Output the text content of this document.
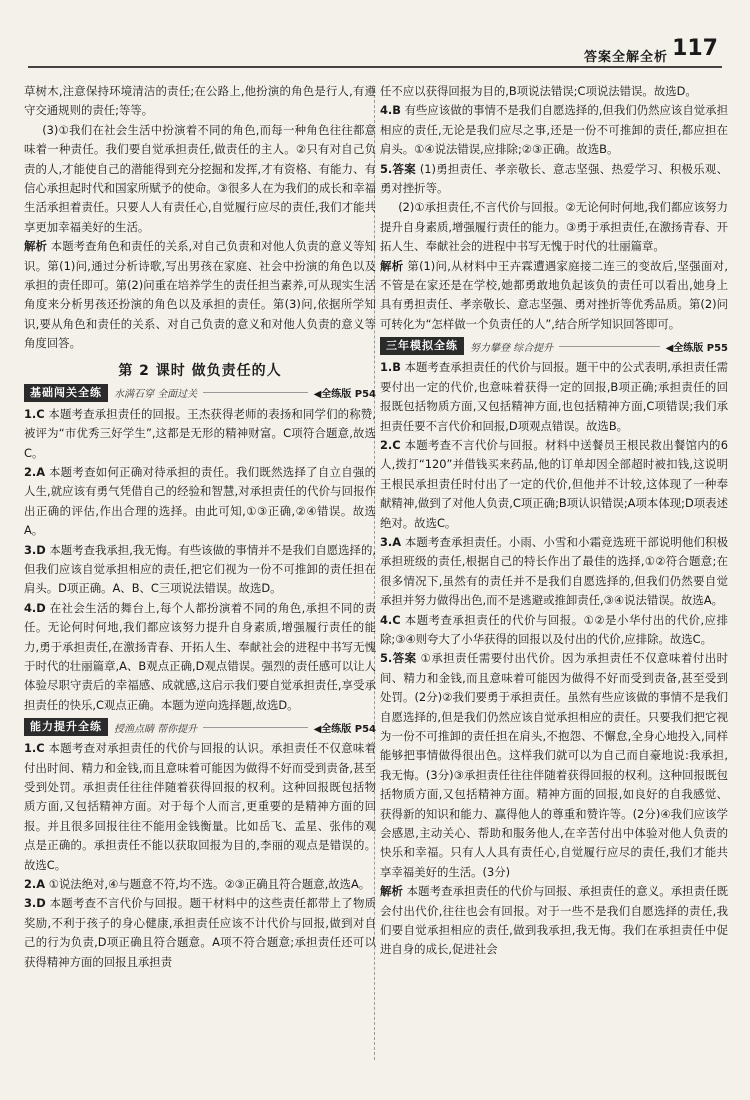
答案全解全析 117

草树木,注意保持环境清洁的责任;在公路上,他扮演的角色是行人,有遵守交通规则的责任;等等。

(3)①我们在社会生活中扮演着不同的角色,而每一种角色往往都意味着一种责任。我们要自觉承担责任,做责任的主人。②只有对自己负责的人,才能使自己的潜能得到充分挖掘和发挥,才有资格、有能力、有信心承担起时代和国家所赋予的使命。③很多人在为我们的成长和幸福生活承担着责任。只要人人有责任心,自觉履行应尽的责任,我们才能共享更加幸福美好的生活。

解析 本题考查角色和责任的关系,对自己负责和对他人负责的意义等知识。第(1)问,通过分析诗歌,写出男孩在家庭、社会中扮演的角色以及承担的责任即可。第(2)问重在培养学生的责任担当素养,可从现实生活角度来分析男孩还扮演的角色以及承担的责任。第(3)问,依据所学知识,要从角色和责任的关系、对自己负责的意义和对他人负责的意义等角度回答。

第 2 课时 做负责任的人
基础闯关全练	水满石穿 全面过关	◀全练版 P54

1.C 本题考查承担责任的回报。王杰获得老师的表扬和同学们的称赞,被评为“市优秀三好学生”,这都是无形的精神财富。C项符合题意,故选C。

2.A 本题考查如何正确对待承担的责任。我们既然选择了自立自强的人生,就应该有勇气凭借自己的经验和智慧,对承担责任的代价与回报作出正确的评估,作出合理的选择。由此可知,①③正确,②④错误。故选A。

3.D 本题考查我承担,我无悔。有些该做的事情并不是我们自愿选择的,但我们应该自觉承担相应的责任,把它们视为一份不可推卸的责任担在肩头。D项正确。A、B、C三项说法错误。故选D。

4.D 在社会生活的舞台上,每个人都扮演着不同的角色,承担不同的责任。无论何时何地,我们都应该努力提升自身素质,增强履行责任的能力,勇于承担责任,在激扬青春、开拓人生、奉献社会的进程中书写无愧于时代的壮丽篇章,A、B观点正确,D观点错误。强烈的责任感可以让人体验尽职守责后的幸福感、成就感,这启示我们要自觉承担责任,享受承担责任的快乐,C观点正确。本题为逆向选择题,故选D。

能力提升全练	授渔点睛 帮你提升	◀全练版 P54

1.C 本题考查对承担责任的代价与回报的认识。承担责任不仅意味着付出时间、精力和金钱,而且意味着可能因为做得不好而受到责备,甚至受到处罚。承担责任往往伴随着获得回报的权利。这种回报既包括物质方面,又包括精神方面。对于每个人而言,更重要的是精神方面的回报。并且很多回报往往不能用金钱衡量。比如岳飞、孟星、张伟的观点是正确的。承担责任不能以获取回报为目的,李丽的观点是错误的。故选C。

2.A ①说法绝对,④与题意不符,均不选。②③正确且符合题意,故选A。

3.D 本题考查不言代价与回报。题干材料中的这些责任都带上了物质奖励,不利于孩子的身心健康,承担责任应该不计代价与回报,做到对自己的行为负责,D项正确且符合题意。A项不符合题意;承担责任还可以获得精神方面的回报且承担责

任不应以获得回报为目的,B项说法错误;C项说法错误。故选D。

4.B 有些应该做的事情不是我们自愿选择的,但我们仍然应该自觉承担相应的责任,无论是我们应尽之事,还是一份不可推卸的责任,都应担在肩头。①④说法错误,应排除;②③正确。故选B。

5.答案 (1)勇担责任、孝亲敬长、意志坚强、热爱学习、积极乐观、勇对挫折等。

(2)①承担责任,不言代价与回报。②无论何时何地,我们都应该努力提升自身素质,增强履行责任的能力。③勇于承担责任,在激扬青春、开拓人生、奉献社会的进程中书写无愧于时代的壮丽篇章。

解析 第(1)问,从材料中王卉霖遭遇家庭接二连三的变故后,坚强面对,不管是在家还是在学校,她都勇敢地负起该负的责任可以看出,她身上具有勇担责任、孝亲敬长、意志坚强、勇对挫折等优秀品质。第(2)问可转化为“怎样做一个负责任的人”,结合所学知识回答即可。

三年模拟全练	努力攀登 综合提升	◀全练版 P55

1.B 本题考查承担责任的代价与回报。题干中的公式表明,承担责任需要付出一定的代价,也意味着获得一定的回报,B项正确;承担责任的回报既包括物质方面,又包括精神方面,也包括精神方面,C项错误;我们承担责任要不言代价和回报,D项观点错误。故选B。

2.C 本题考查不言代价与回报。材料中送餐员王根民救出餐馆内的6人,拨打“120”并借钱买来药品,他的订单却因全部超时被扣钱,这说明王根民承担责任时付出了一定的代价,但他并不计较,这体现了一种奉献精神,做到了对他人负责,C项正确;B项认识错误;A项本体现;D项表述绝对。故选C。

3.A 本题考查承担责任。小雨、小雪和小霜竞选班干部说明他们积极承担班级的责任,根据自己的特长作出了最佳的选择,①②符合题意;在很多情况下,虽然有的责任并不是我们自愿选择的,但我们仍然要自觉承担并努力做得出色,而不是逃避或推卸责任,③④说法错误。故选A。

4.C 本题考查承担责任的代价与回报。①②是小华付出的代价,应排除;③④则夸大了小华获得的回报以及付出的代价,应排除。故选C。

5.答案 ①承担责任需要付出代价。因为承担责任不仅意味着付出时间、精力和金钱,而且意味着可能因为做得不好而受到责备,甚至受到处罚。(2分)②我们要勇于承担责任。虽然有些应该做的事情不是我们自愿选择的,但是我们仍然应该自觉承担相应的责任。只要我们把它视为一份不可推卸的责任担在肩头,不抱怨、不懈怠,全身心地投入,同样能够把事情做得很出色。这样我们就可以为自己而自豪地说:我承担,我无悔。(3分)③承担责任往往伴随着获得回报的权利。这种回报既包括物质方面,又包括精神方面。精神方面的回报,如良好的自我感觉、获得新的知识和能力、赢得他人的尊重和赞许等。(2分)④我们应该学会感恩,主动关心、帮助和服务他人,在辛苦付出中体验对他人负责的快乐和幸福。只有人人具有责任心,自觉履行应尽的责任,我们才能共享幸福美好的生活。(3分)

解析 本题考查承担责任的代价与回报、承担责任的意义。承担责任既会付出代价,往往也会有回报。对于一些不是我们自愿选择的责任,我们要自觉承担相应的责任,做到我承担,我无悔。我们在承担责任中促进自身的成长,促进社会
